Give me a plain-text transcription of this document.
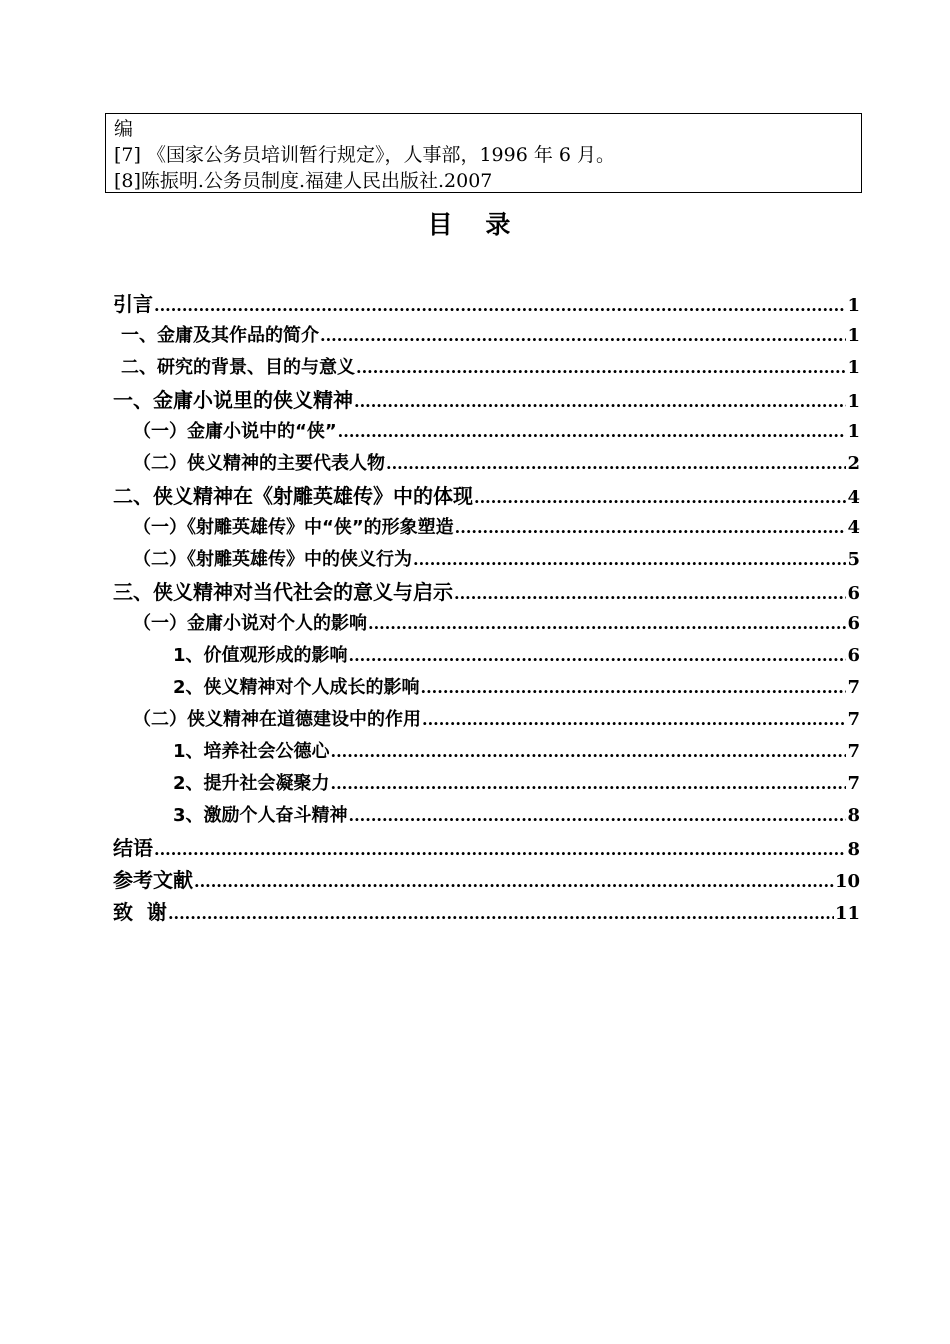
编
[7] 《国家公务员培训暂行规定》，人事部，1996 年 6 月。
[8]陈振明.公务员制度.福建人民出版社.2007
目 录
引言 .....	1
一、金庸及其作品的简介 .....	1
二、研究的背景、目的与意义 .....	1
一、金庸小说里的侠义精神 .....	1
（一）金庸小说中的“侠” .....	1
（二）侠义精神的主要代表人物 .....	2
二、侠义精神在《射雕英雄传》中的体现 .....	4
（一）《射雕英雄传》中“侠”的形象塑造 .....	4
（二）《射雕英雄传》中的侠义行为 .....	5
三、侠义精神对当代社会的意义与启示 .....	6
（一）金庸小说对个人的影响 .....	6
1、价值观形成的影响 .....	6
2、侠义精神对个人成长的影响 .....	7
（二）侠义精神在道德建设中的作用 .....	7
1、培养社会公德心 .....	7
2、提升社会凝聚力 .....	7
3、激励个人奋斗精神 .....	8
结语 .....	8
参考文献 .....	10
致  谢 .....	11
